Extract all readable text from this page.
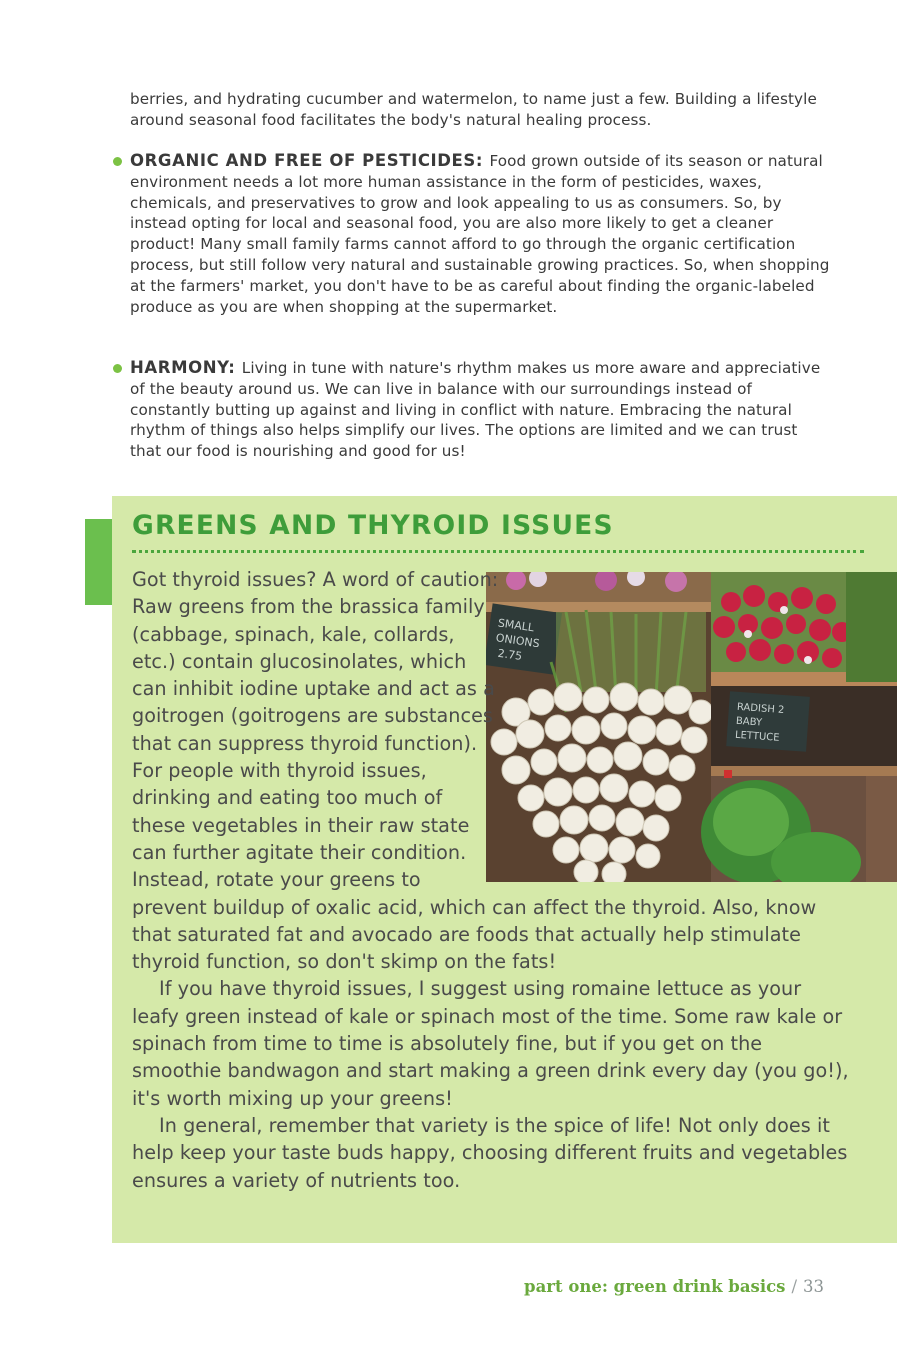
berries, and hydrating cucumber and watermelon, to name just a few. Building a lifestyle around seasonal food facilitates the body's natural healing process.

ORGANIC AND FREE OF PESTICIDES: Food grown outside of its season or natural environment needs a lot more human assistance in the form of pesticides, waxes, chemicals, and preservatives to grow and look appealing to us as consumers. So, by instead opting for local and seasonal food, you are also more likely to get a cleaner product! Many small family farms cannot afford to go through the organic certification process, but still follow very natural and sustainable growing practices. So, when shopping at the farmers' market, you don't have to be as careful about finding the organic-labeled produce as you are when shopping at the supermarket.
HARMONY: Living in tune with nature's rhythm makes us more aware and appreciative of the beauty around us. We can live in balance with our surroundings instead of constantly butting up against and living in conflict with nature. Embracing the natural rhythm of things also helps simplify our lives. The options are limited and we can trust that our food is nourishing and good for us!
GREENS AND THYROID ISSUES
SMALL
ONIONS
2.75
RADISH 2
BABY
LETTUCE

Got thyroid issues? A word of caution: Raw greens from the brassica family (cabbage, spinach, kale, collards, etc.) contain glucosinolates, which can inhibit iodine uptake and act as a goitrogen (goitrogens are substances that can suppress thyroid function). For people with thyroid issues, drinking and eating too much of these vegetables in their raw state can further agitate their condition. Instead, rotate your greens to prevent buildup of oxalic acid, which can affect the thyroid. Also, know that saturated fat and avocado are foods that actually help stimulate thyroid function, so don't skimp on the fats!

If you have thyroid issues, I suggest using romaine lettuce as your leafy green instead of kale or spinach most of the time. Some raw kale or spinach from time to time is absolutely fine, but if you get on the smoothie bandwagon and start making a green drink every day (you go!), it's worth mixing up your greens!

In general, remember that variety is the spice of life! Not only does it help keep your taste buds happy, choosing different fruits and vegetables ensures a variety of nutrients too.

part one: green drink basics / 33
